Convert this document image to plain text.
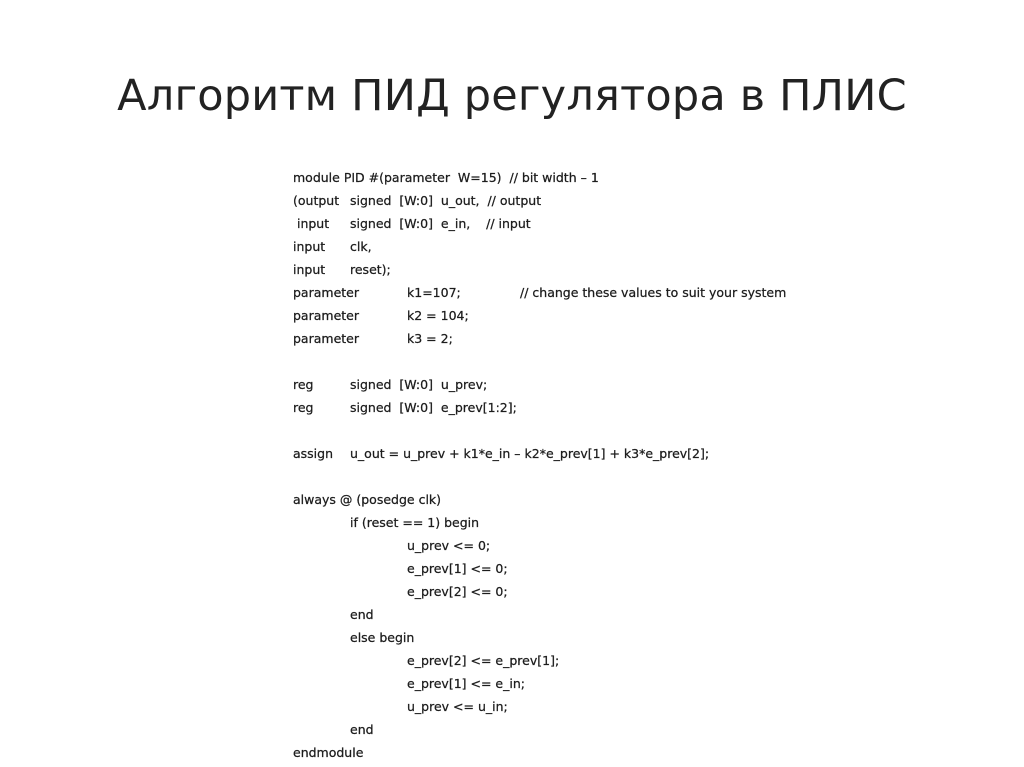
Алгоритм ПИД регулятора в ПЛИС
module PID #(parameter  W=15)  // bit width – 1
(output signed  [W:0]  u_out,  // output
input signed  [W:0]  e_in,    // input
input clk,
input reset);
parameter	k1=107;	// change these values to suit your system
parameter	k2 = 104;
parameter	k3 = 2;
reg	signed  [W:0]  u_prev;
reg	signed  [W:0]  e_prev[1:2];
assign u_out = u_prev + k1*e_in – k2*e_prev[1] + k3*e_prev[2];
always @ (posedge clk)
if (reset == 1) begin
u_prev <= 0;
e_prev[1] <= 0;
e_prev[2] <= 0;
end
else begin
e_prev[2] <= e_prev[1];
e_prev[1] <= e_in;
u_prev <= u_in;
end
endmodule
